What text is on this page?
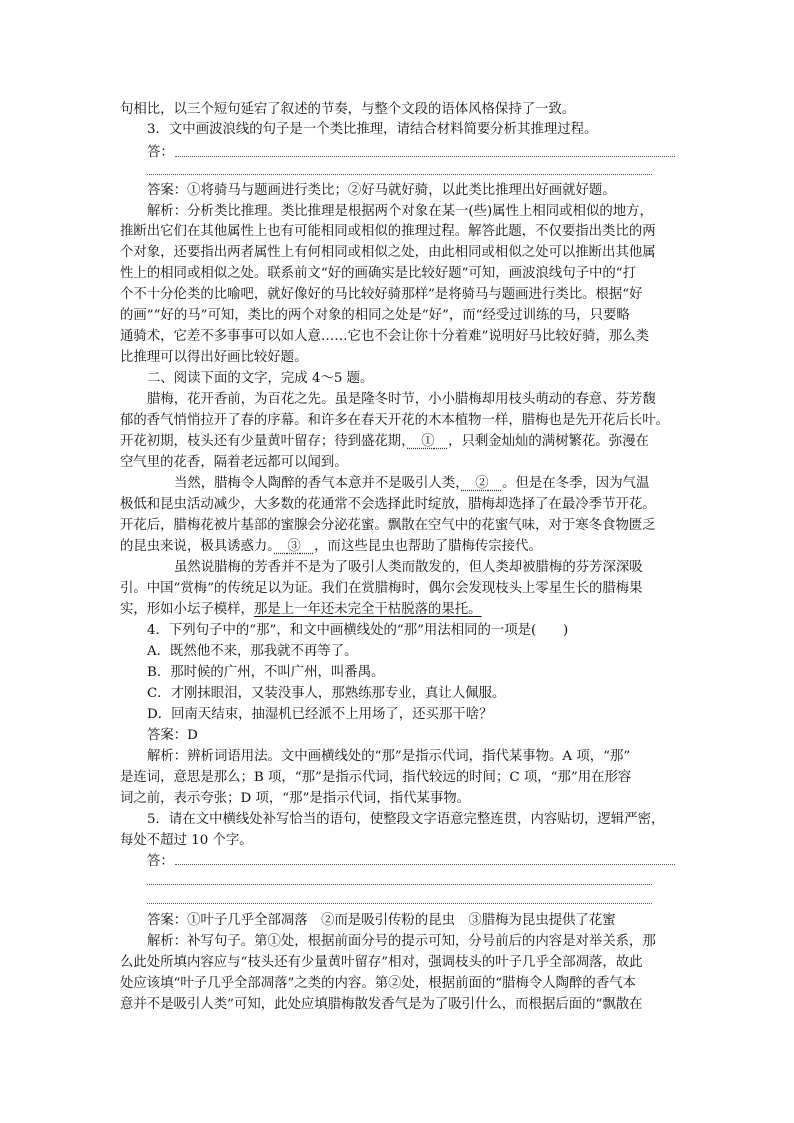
句相比，以三个短句延宕了叙述的节奏，与整个文段的语体风格保持了一致。
3．文中画波浪线的句子是一个类比推理，请结合材料简要分析其推理过程。
答：
答案：①将骑马与题画进行类比；②好马就好骑，以此类比推理出好画就好题。
解析：分析类比推理。类比推理是根据两个对象在某一(些)属性上相同或相似的地方，
推断出它们在其他属性上也有可能相同或相似的推理过程。解答此题，不仅要指出类比的两
个对象，还要指出两者属性上有何相同或相似之处，由此相同或相似之处可以推断出其他属
性上的相同或相似之处。联系前文“好的画确实是比较好题”可知，画波浪线句子中的“打
个不十分伦类的比喻吧，就好像好的马比较好骑那样”是将骑马与题画进行类比。根据“好
的画”“好的马”可知，类比的两个对象的相同之处是“好”，而“经受过训练的马，只要略
通骑术，它差不多事事可以如人意……它也不会让你十分着难”说明好马比较好骑，那么类
比推理可以得出好画比较好题。
二、阅读下面的文字，完成 4～5 题。
腊梅，花开香前，为百花之先。虽是隆冬时节，小小腊梅却用枝头萌动的春意、芬芳馥
郁的香气悄悄拉开了春的序幕。和许多在春天开花的木本植物一样，腊梅也是先开花后长叶。
开花初期，枝头还有少量黄叶留存；待到盛花期，　 ①　 ，只剩金灿灿的满树繁花。弥漫在
空气里的花香，隔着老远都可以闻到。
当然，腊梅令人陶醉的香气本意并不是吸引人类，　 ②　 。但是在冬季，因为气温
极低和昆虫活动减少，大多数的花通常不会选择此时绽放，腊梅却选择了在最冷季节开花。
开花后，腊梅花被片基部的蜜腺会分泌花蜜。飘散在空气中的花蜜气味，对于寒冬食物匮乏
的昆虫来说，极具诱惑力。　 ③　 ，而这些昆虫也帮助了腊梅传宗接代。
虽然说腊梅的芳香并不是为了吸引人类而散发的，但人类却被腊梅的芬芳深深吸
引。中国“赏梅”的传统足以为证。我们在赏腊梅时，偶尔会发现枝头上零星生长的腊梅果
实，形如小坛子模样，那是上一年还未完全干枯脱落的果托。
4．下列句子中的“那”，和文中画横线处的“那”用法相同的一项是(　　)
A．既然他不来，那我就不再等了。
B．那时候的广州，不叫广州，叫番禺。
C．才刚抹眼泪，又装没事人，那熟练那专业，真让人佩服。
D．回南天结束，抽湿机已经派不上用场了，还买那干啥？
答案：D
解析：辨析词语用法。文中画横线处的“那”是指示代词，指代某事物。A 项，“那”
是连词，意思是那么；B 项，“那”是指示代词，指代较远的时间；C 项，“那”用在形容
词之前，表示夸张；D 项，“那”是指示代词，指代某事物。
5．请在文中横线处补写恰当的语句，使整段文字语意完整连贯，内容贴切，逻辑严密，
每处不超过 10 个字。
答：
答案：①叶子几乎全部凋落　②而是吸引传粉的昆虫　③腊梅为昆虫提供了花蜜
解析：补写句子。第①处，根据前面分号的提示可知，分号前后的内容是对举关系，那
么此处所填内容应与“枝头还有少量黄叶留存”相对，强调枝头的叶子几乎全部凋落，故此
处应该填“叶子几乎全部凋落”之类的内容。第②处，根据前面的“腊梅令人陶醉的香气本
意并不是吸引人类”可知，此处应填腊梅散发香气是为了吸引什么，而根据后面的“飘散在
